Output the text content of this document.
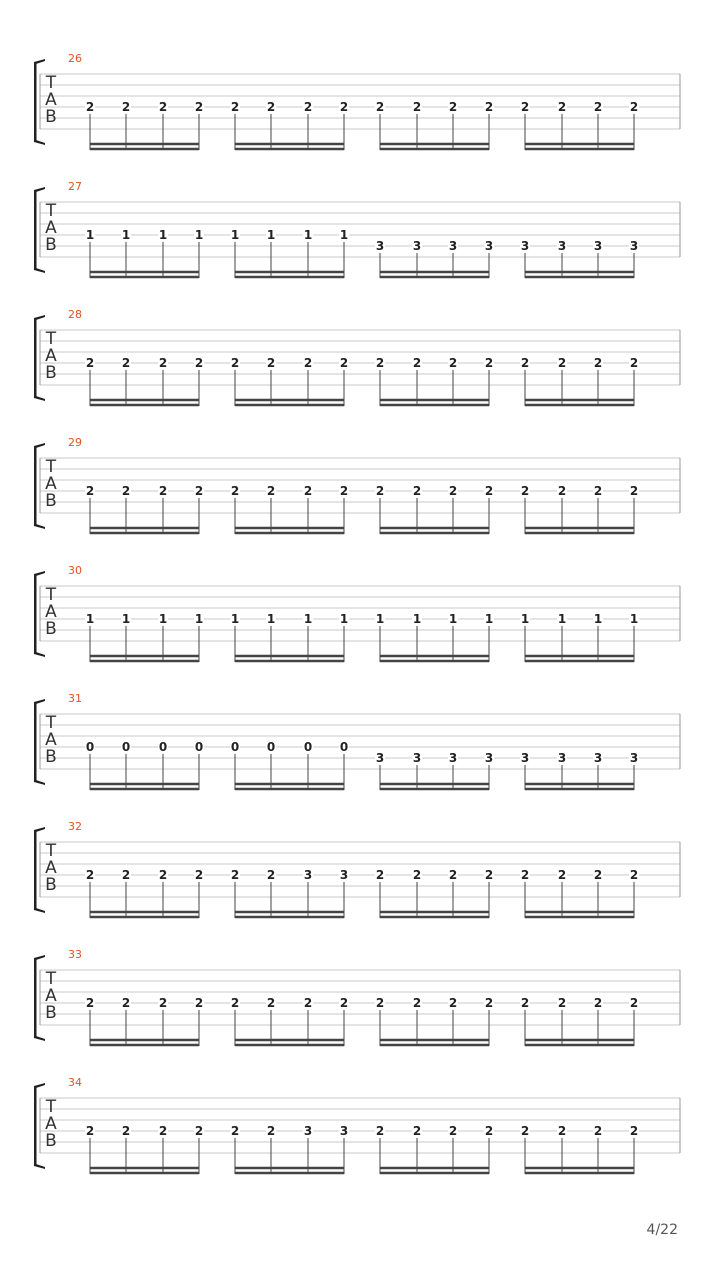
26
T
A
B 2 2 2 2 2 2 2 2 2 2 2 2 2 2 2 2
27
T
A
B 1 1 1 1 1 1 1 1
3 3 3 3 3 3 3 3
28
T
A
B 2 2 2 2 2 2 2 2 2 2 2 2 2 2 2 2
29
T
A
B 2 2 2 2 2 2 2 2 2 2 2 2 2 2 2 2
30
T
A
B 1 1 1 1 1 1 1 1 1 1 1 1 1 1 1 1
31
T
A
B 0 0 0 0 0 0 0 0
3 3 3 3 3 3 3 3
32
T
A
B 2 2 2 2 2 2 3 3 2 2 2 2 2 2 2 2
33
T
A
B 2 2 2 2 2 2 2 2 2 2 2 2 2 2 2 2
34
T
A
B 2 2 2 2 2 2 3 3 2 2 2 2 2 2 2 2
4/22
